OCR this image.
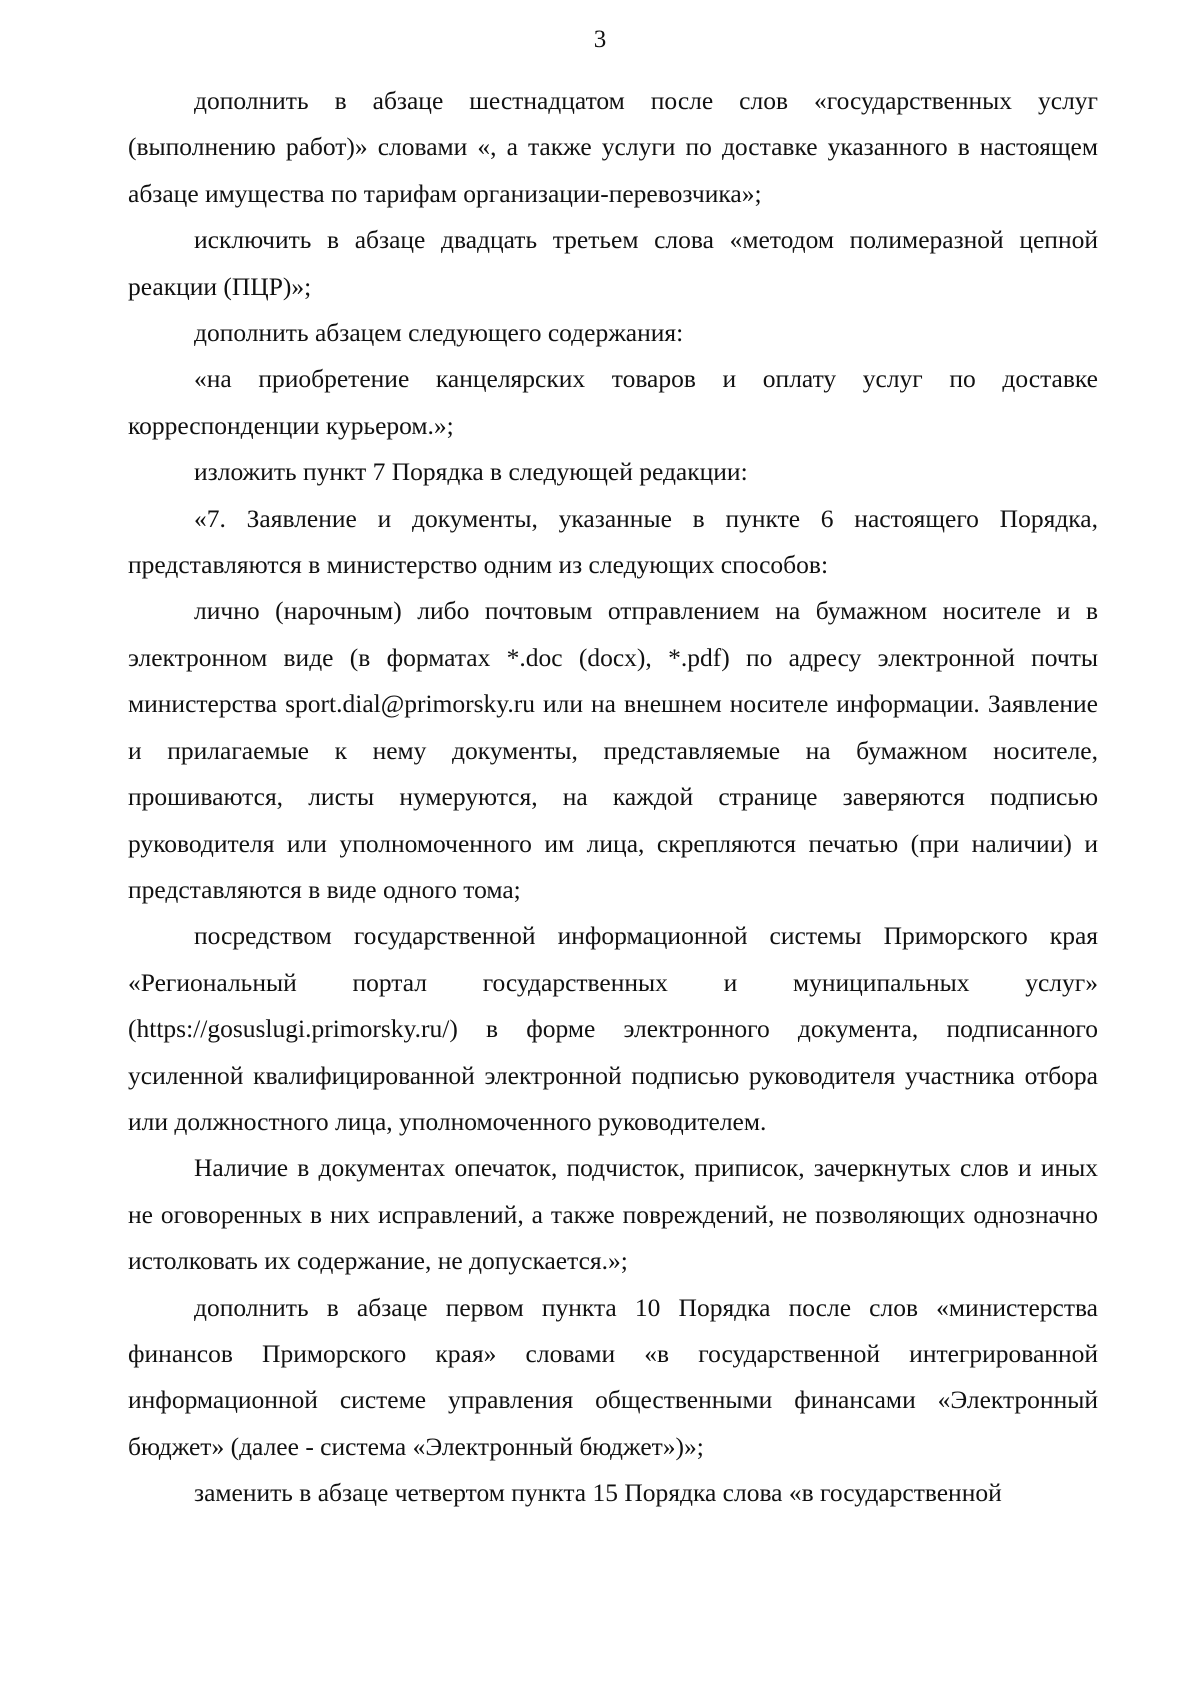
3

дополнить в абзаце шестнадцатом после слов «государственных услуг (выполнению работ)» словами «, а также услуги по доставке указанного в настоящем абзаце имущества по тарифам организации-перевозчика»;

исключить в абзаце двадцать третьем слова «методом полимеразной цепной реакции (ПЦР)»;

дополнить абзацем следующего содержания:

«на приобретение канцелярских товаров и оплату услуг по доставке корреспонденции курьером.»;

изложить пункт 7 Порядка в следующей редакции:

«7. Заявление и документы, указанные в пункте 6 настоящего Порядка, представляются в министерство одним из следующих способов:

лично (нарочным) либо почтовым отправлением на бумажном носителе и в электронном виде (в форматах *.doc (docx), *.pdf) по адресу электронной почты министерства sport.dial@primorsky.ru или на внешнем носителе информации. Заявление и прилагаемые к нему документы, представляемые на бумажном носителе, прошиваются, листы нумеруются, на каждой странице заверяются подписью руководителя или уполномоченного им лица, скрепляются печатью (при наличии) и представляются в виде одного тома;

посредством государственной информационной системы Приморского края «Региональный портал государственных и муниципальных услуг» (https://gosuslugi.primorsky.ru/) в форме электронного документа, подписанного усиленной квалифицированной электронной подписью руководителя участника отбора или должностного лица, уполномоченного руководителем.

Наличие в документах опечаток, подчисток, приписок, зачеркнутых слов и иных не оговоренных в них исправлений, а также повреждений, не позволяющих однозначно истолковать их содержание, не допускается.»;

дополнить в абзаце первом пункта 10 Порядка после слов «министерства финансов Приморского края» словами «в государственной интегрированной информационной системе управления общественными финансами «Электронный бюджет» (далее - система «Электронный бюджет»)»;

заменить в абзаце четвертом пункта 15 Порядка слова «в государственной
